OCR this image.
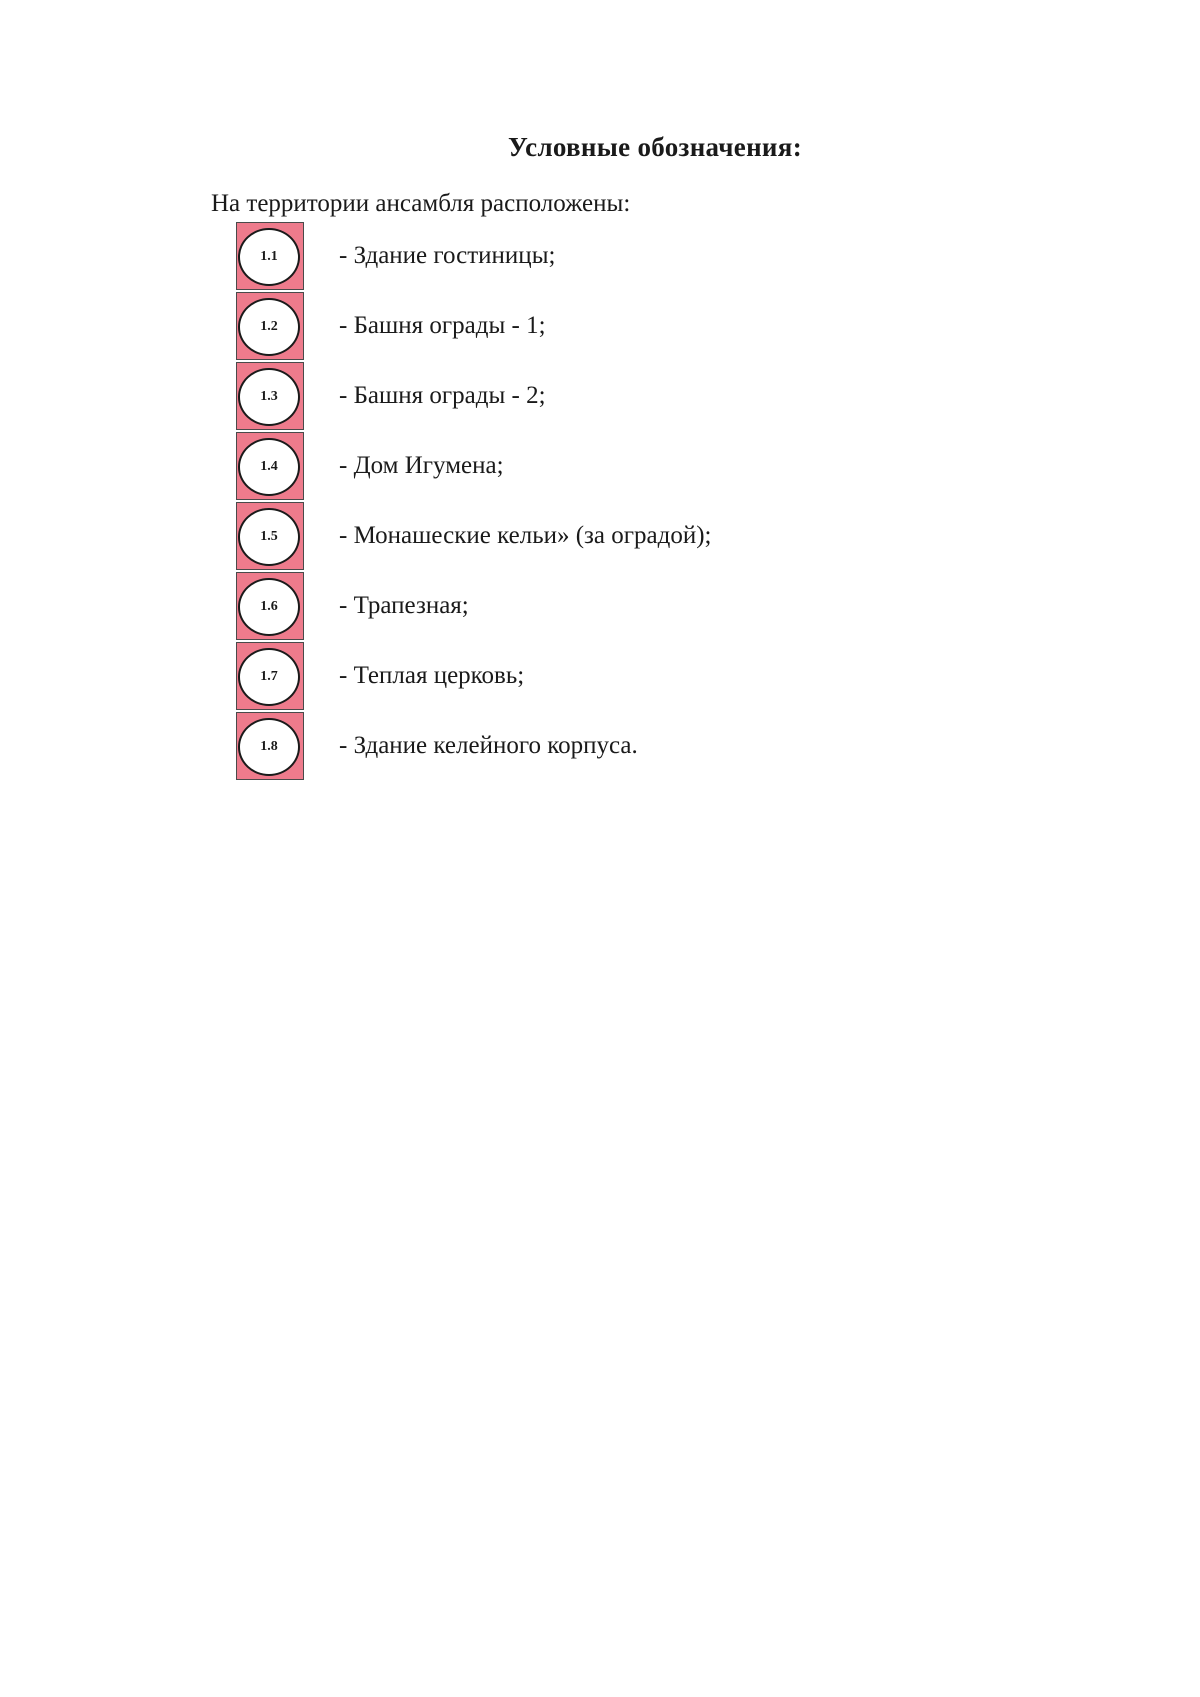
Условные обозначения:
На территории ансамбля расположены:
1.1 - Здание гостиницы;
1.2 - Башня ограды - 1;
1.3 - Башня ограды - 2;
1.4 - Дом Игумена;
1.5 - Монашеские кельи» (за оградой);
1.6 - Трапезная;
1.7 - Теплая церковь;
1.8 - Здание келейного корпуса.
